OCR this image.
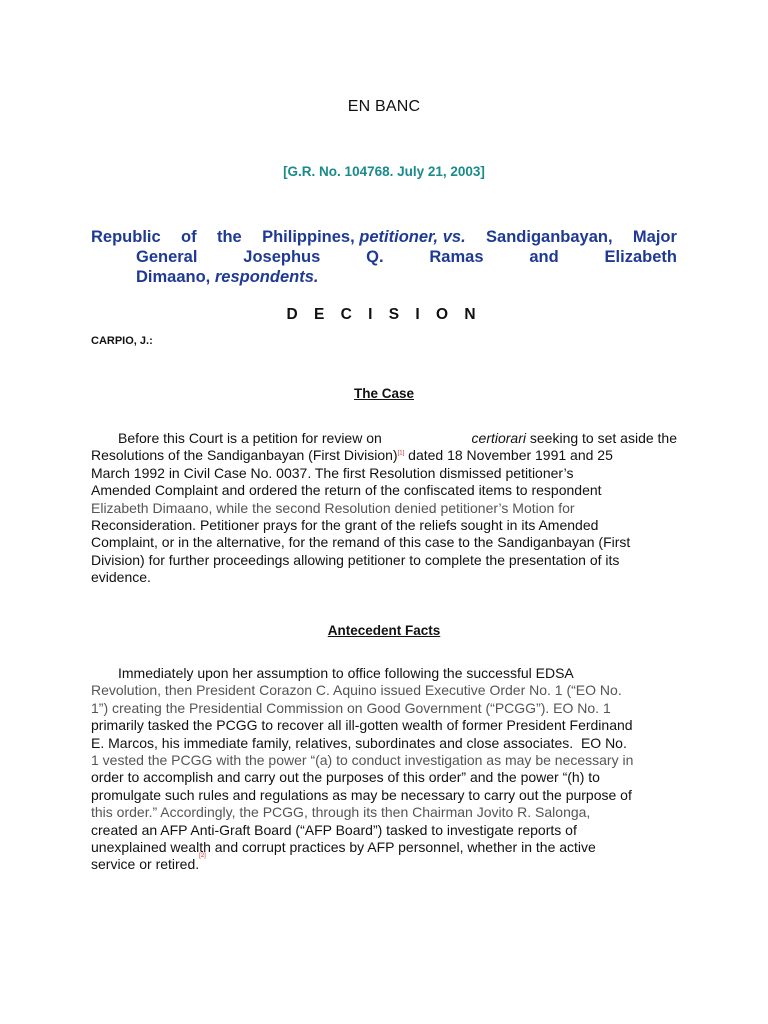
EN BANC
[G.R. No. 104768. July 21, 2003]
Republic of the Philippines, petitioner, vs. Sandiganbayan, Major
General	Josephus	Q.	Ramas	and	Elizabeth
Dimaano, respondents.
D E C I S I O N
CARPIO, J.:
The Case
Before this Court is a petition for review on	certiorari seeking to set aside the
Resolutions of the Sandiganbayan (First Division)[1] dated 18 November 1991 and 25
March 1992 in Civil Case No. 0037. The first Resolution dismissed petitioner’s
Amended Complaint and ordered the return of the confiscated items to respondent
Elizabeth Dimaano, while the second Resolution denied petitioner’s Motion for
Reconsideration. Petitioner prays for the grant of the reliefs sought in its Amended
Complaint, or in the alternative, for the remand of this case to the Sandiganbayan (First
Division) for further proceedings allowing petitioner to complete the presentation of its
evidence.
Antecedent Facts
Immediately upon her assumption to office following the successful EDSA
Revolution, then President Corazon C. Aquino issued Executive Order No. 1 (“EO No.
1”) creating the Presidential Commission on Good Government (“PCGG”). EO No. 1
primarily tasked the PCGG to recover all ill-gotten wealth of former President Ferdinand
E. Marcos, his immediate family, relatives, subordinates and close associates.  EO No.
1 vested the PCGG with the power “(a) to conduct investigation as may be necessary in
order to accomplish and carry out the purposes of this order” and the power “(h) to
promulgate such rules and regulations as may be necessary to carry out the purpose of
this order.” Accordingly, the PCGG, through its then Chairman Jovito R. Salonga,
created an AFP Anti-Graft Board (“AFP Board”) tasked to investigate reports of
unexplained wealth and corrupt practices by AFP personnel, whether in the active
service or retired. [2]
